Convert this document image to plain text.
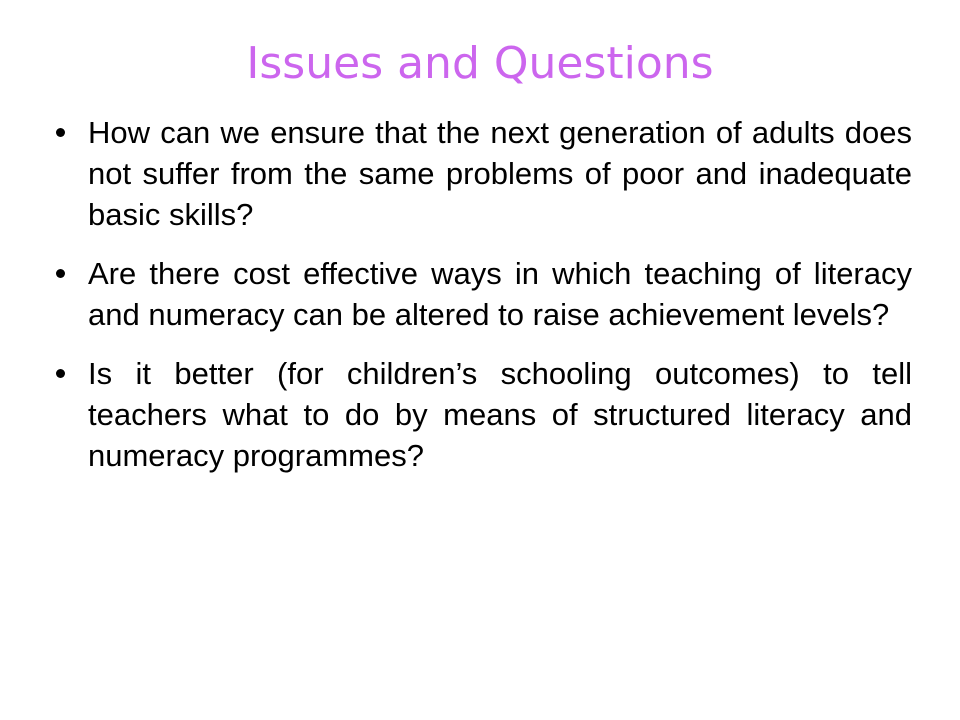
Issues and Questions
How can we ensure that the next generation of adults does not suffer from the same problems of poor and inadequate basic skills?
Are there cost effective ways in which teaching of literacy and numeracy can be altered to raise achievement levels?
Is it better (for children’s schooling outcomes) to tell teachers what to do by means of structured literacy and numeracy programmes?
